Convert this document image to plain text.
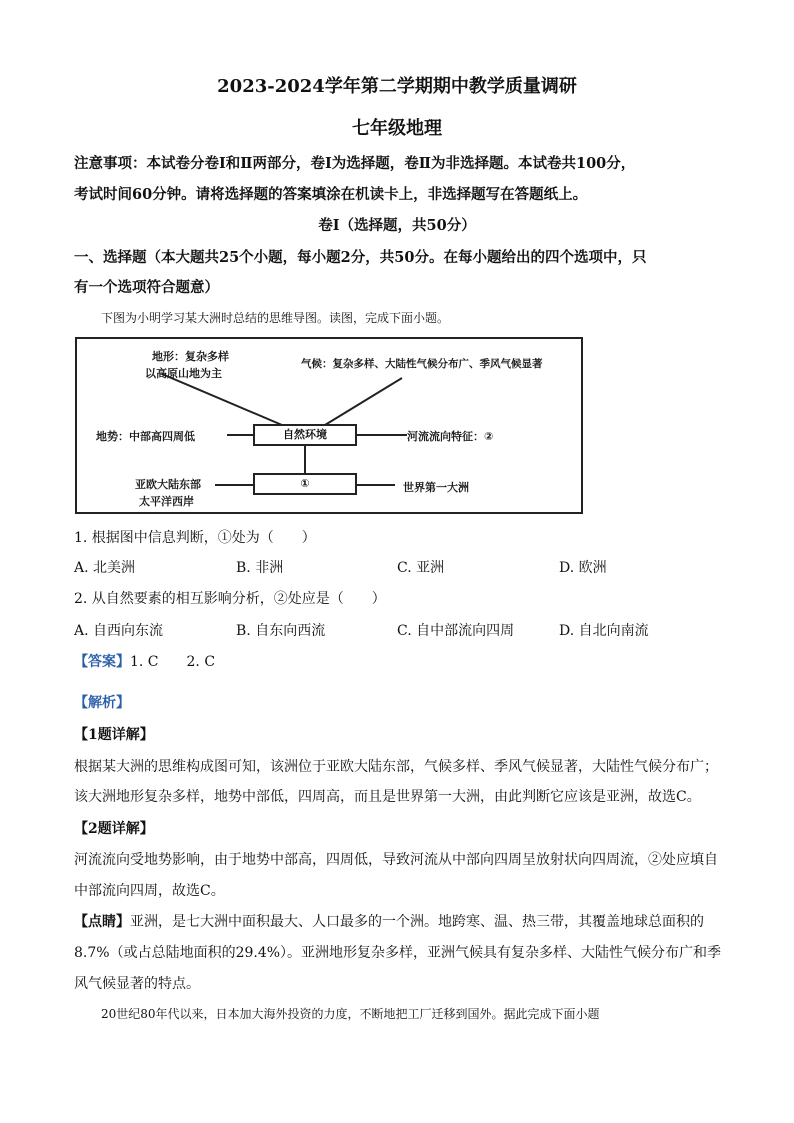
2023-2024学年第二学期期中教学质量调研
七年级地理
注意事项：本试卷分卷Ⅰ和Ⅱ两部分，卷Ⅰ为选择题，卷Ⅱ为非选择题。本试卷共100分，
考试时间60分钟。请将选择题的答案填涂在机读卡上，非选择题写在答题纸上。
卷Ⅰ（选择题，共50分）
一、选择题（本大题共25个小题，每小题2分，共50分。在每小题给出的四个选项中，只
有一个选项符合题意）
下图为小明学习某大洲时总结的思维导图。读图，完成下面小题。
地形：复杂多样
以高原山地为主
气候：复杂多样、大陆性气候分布广、季风气候显著
地势：中部高四周低	自然环境	河流流向特征：②
亚欧大陆东部
太平洋西岸
①	世界第一大洲
1. 根据图中信息判断，①处为（　　）
A. 北美洲	B. 非洲	C. 亚洲	D. 欧洲
2. 从自然要素的相互影响分析，②处应是（　　）
A. 自西向东流	B. 自东向西流	C. 自中部流向四周	D. 自北向南流
【答案】1. C　　2. C
【解析】
【1题详解】
根据某大洲的思维构成图可知，该洲位于亚欧大陆东部，气候多样、季风气候显著，大陆性气候分布广；
该大洲地形复杂多样，地势中部低，四周高，而且是世界第一大洲，由此判断它应该是亚洲，故选C。
【2题详解】
河流流向受地势影响，由于地势中部高，四周低，导致河流从中部向四周呈放射状向四周流，②处应填自
中部流向四周，故选C。
【点睛】亚洲，是七大洲中面积最大、人口最多的一个洲。地跨寒、温、热三带，其覆盖地球总面积的
8.7%（或占总陆地面积的29.4%）。亚洲地形复杂多样，亚洲气候具有复杂多样、大陆性气候分布广和季
风气候显著的特点。
20世纪80年代以来，日本加大海外投资的力度，不断地把工厂迁移到国外。据此完成下面小题
